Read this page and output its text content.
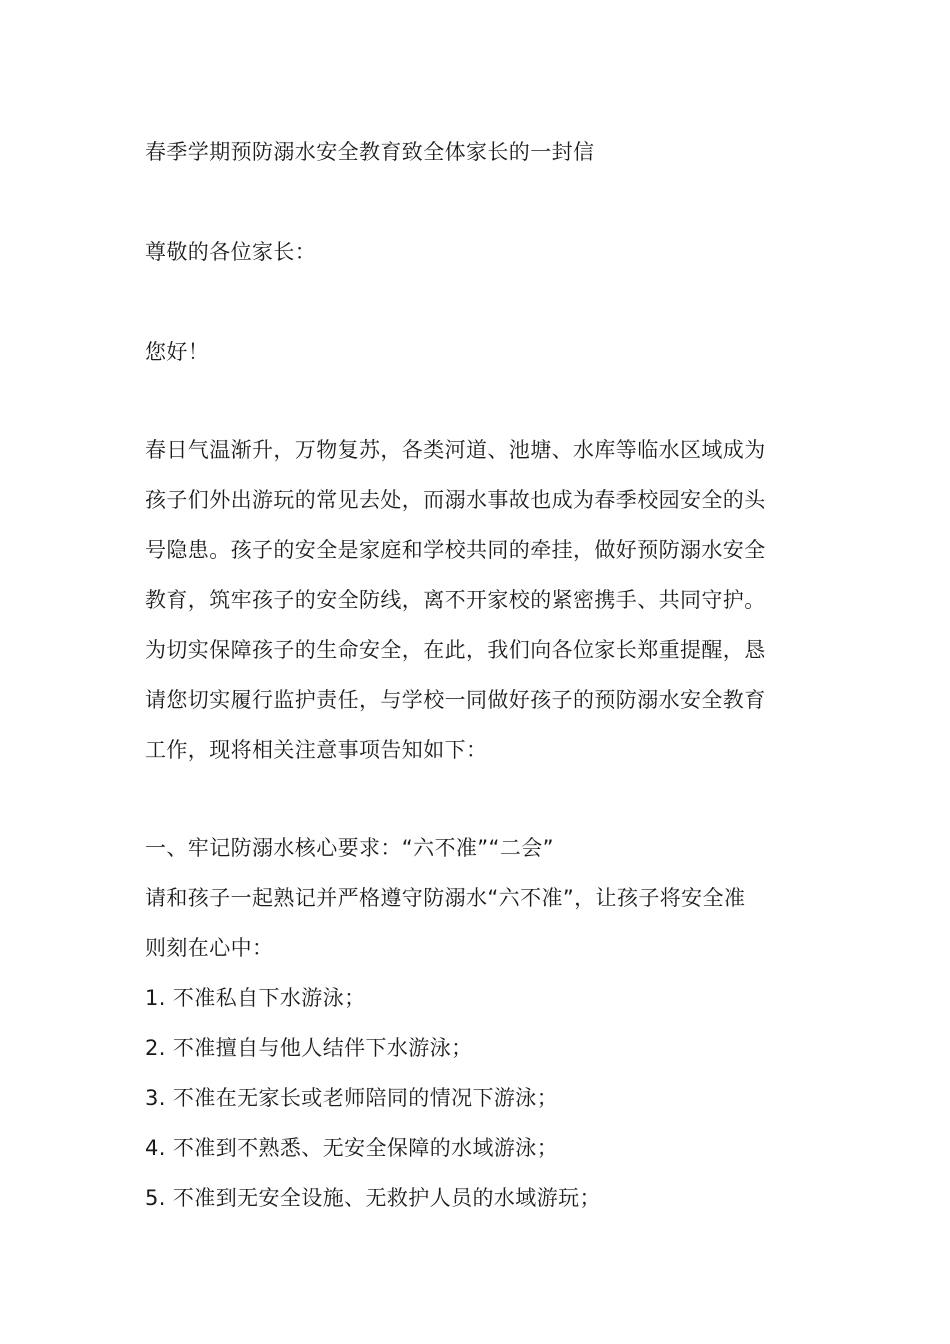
春季学期预防溺水安全教育致全体家长的一封信
尊敬的各位家长：
您好！
春日气温渐升，万物复苏，各类河道、池塘、水库等临水区域成为
孩子们外出游玩的常见去处，而溺水事故也成为春季校园安全的头
号隐患。孩子的安全是家庭和学校共同的牵挂，做好预防溺水安全
教育，筑牢孩子的安全防线，离不开家校的紧密携手、共同守护。
为切实保障孩子的生命安全，在此，我们向各位家长郑重提醒，恳
请您切实履行监护责任，与学校一同做好孩子的预防溺水安全教育
工作，现将相关注意事项告知如下：
一、牢记防溺水核心要求：“六不准”“二会”
请和孩子一起熟记并严格遵守防溺水“六不准”，让孩子将安全准
则刻在心中：
1. 不准私自下水游泳；
2. 不准擅自与他人结伴下水游泳；
3. 不准在无家长或老师陪同的情况下游泳；
4. 不准到不熟悉、无安全保障的水域游泳；
5. 不准到无安全设施、无救护人员的水域游玩；
